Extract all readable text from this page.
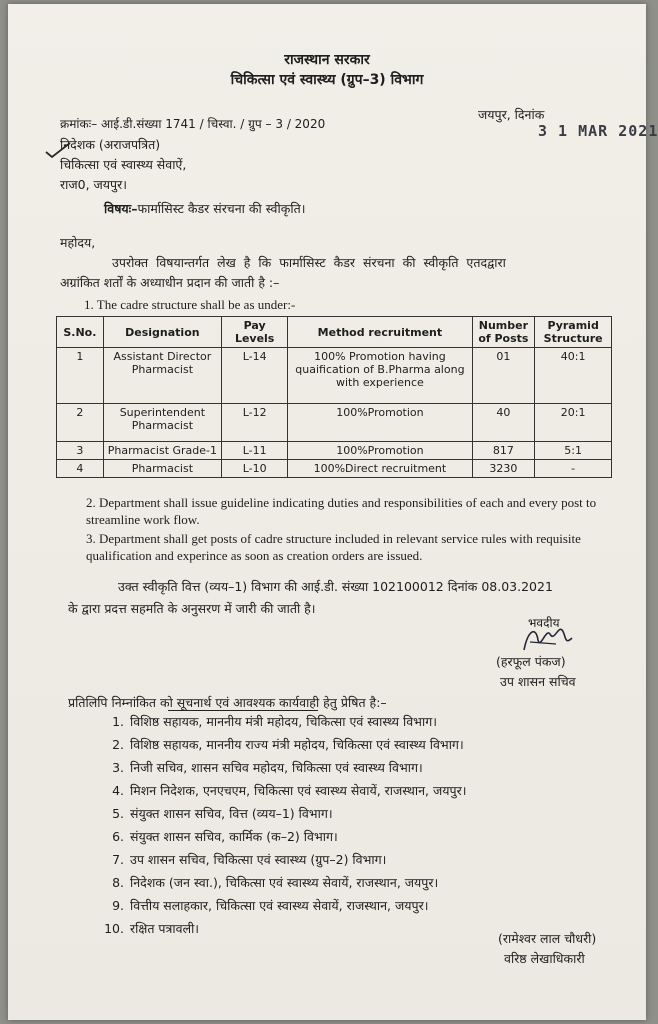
राजस्थान सरकार
चिकित्सा एवं स्वास्थ्य (ग्रुप–3) विभाग
क्रमांकः– आई.डी.संख्या 1741 / चिस्वा. / ग्रुप – 3 / 2020
जयपुर, दिनांक
3 1 MAR 2021
निदेशक (अराजपत्रित)
चिकित्सा एवं स्वास्थ्य सेवाऐं,
राज0, जयपुर।
विषयः–फार्मासिस्ट कैडर संरचना की स्वीकृति।
महोदय,
उपरोक्त विषयान्तर्गत लेख है कि फार्मासिस्ट कैडर संरचना की स्वीकृति एतदद्वारा
अग्रांकित शर्तों के अध्याधीन प्रदान की जाती है :–
1. The cadre structure shall be as under:-
S.No.	Designation	Pay Levels	Method recruitment	Number of Posts	Pyramid Structure
1	Assistant Director Pharmacist	L-14	100% Promotion having quaification of B.Pharma along with experience	01	40:1
2	Superintendent Pharmacist	L-12	100%Promotion	40	20:1
3	Pharmacist Grade-1	L-11	100%Promotion	817	5:1
4	Pharmacist	L-10	100%Direct recruitment	3230	-
2. Department shall issue guideline indicating duties and responsibilities of each and every post to streamline work flow.
3. Department shall get posts of cadre structure included in relevant service rules with requisite qualification and experince as soon as creation orders are issued.
उक्त स्वीकृति वित्त (व्यय–1) विभाग की आई.डी. संख्या 102100012 दिनांक 08.03.2021
के द्वारा प्रदत्त सहमति के अनुसरण में जारी की जाती है।
भवदीय
(हरफूल पंकज)
उप शासन सचिव
प्रतिलिपि निम्नांकित को सूचनार्थ एवं आवश्यक कार्यवाही हेतु प्रेषित है:–
1. विशिष्ठ सहायक, माननीय मंत्री महोदय, चिकित्सा एवं स्वास्थ्य विभाग।
2. विशिष्ठ सहायक, माननीय राज्य मंत्री महोदय, चिकित्सा एवं स्वास्थ्य विभाग।
3. निजी सचिव, शासन सचिव महोदय, चिकित्सा एवं स्वास्थ्य विभाग।
4. मिशन निदेशक, एनएचएम, चिकित्सा एवं स्वास्थ्य सेवायें, राजस्थान, जयपुर।
5. संयुक्त शासन सचिव, वित्त (व्यय–1) विभाग।
6. संयुक्त शासन सचिव, कार्मिक (क–2) विभाग।
7. उप शासन सचिव, चिकित्सा एवं स्वास्थ्य (ग्रुप–2) विभाग।
8. निदेशक (जन स्वा.), चिकित्सा एवं स्वास्थ्य सेवायें, राजस्थान, जयपुर।
9. वित्तीय सलाहकार, चिकित्सा एवं स्वास्थ्य सेवायें, राजस्थान, जयपुर।
10. रक्षित पत्रावली।
(रामेश्वर लाल चौधरी)
वरिष्ठ लेखाधिकारी
